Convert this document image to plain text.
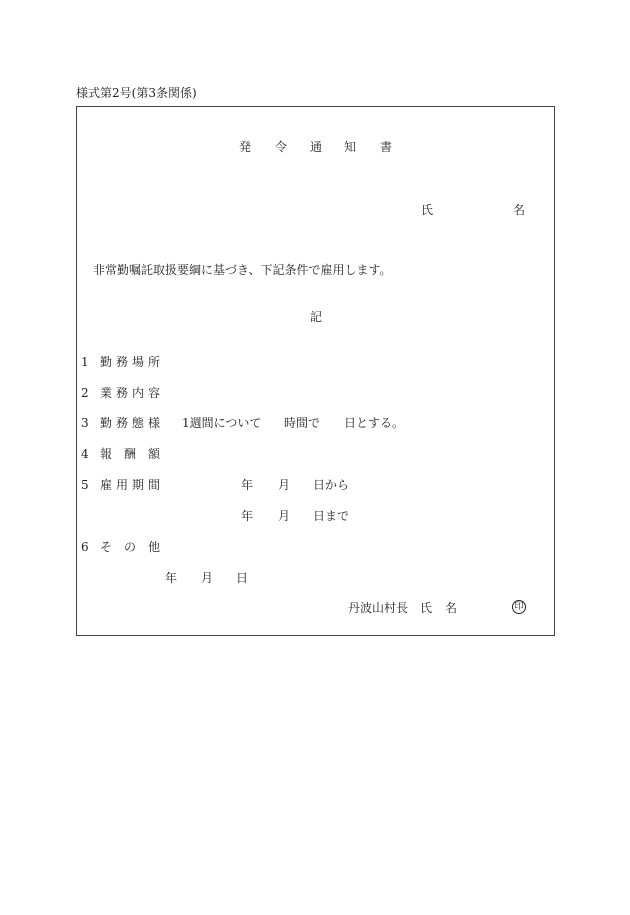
様式第2号(第3条関係)
発 令 通 知 書
氏	名
非常勤嘱託取扱要綱に基づき、下記条件で雇用します。
記
1 勤務場所
2 業務内容
3 勤務態様 1週間について 時間で 日とする。
4 報　酬　額
5 雇用期間	年 月 日から
年 月 日まで
6 そ　の　他
年 月 日
丹波山村長 氏 名	印
